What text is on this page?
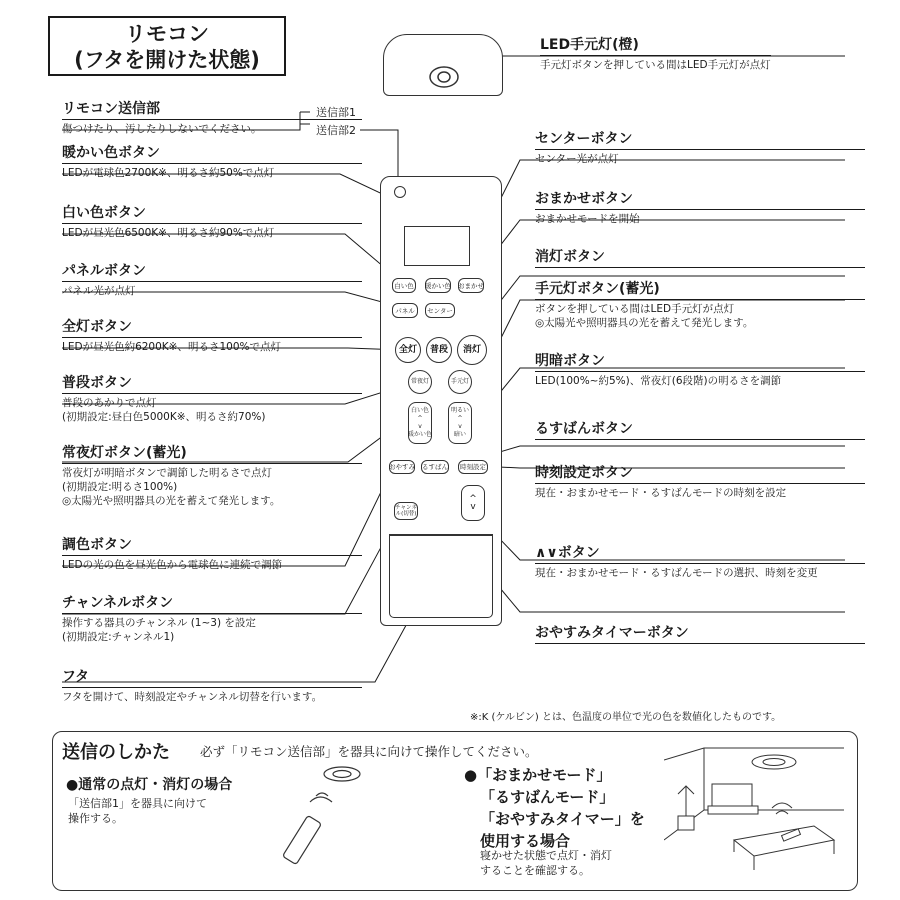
リモコン
(フタを開けた状態)
送信部1
送信部2
白い色	暖かい色 おまかせ
パネル	センター
全灯	普段	消灯
常夜灯	手元灯
白い色
^
v
暖かい色
明るい
^
v
暗い
おやすみ るすばん	時刻設定
^
v
チャンネル(切替)
リモコン送信部
傷つけたり、汚したりしないでください。
暖かい色ボタン
LEDが電球色2700K※、明るさ約50%で点灯
白い色ボタン
LEDが昼光色6500K※、明るさ約90%で点灯
パネルボタン
パネル光が点灯
全灯ボタン
LEDが昼光色約6200K※、明るさ100%で点灯
普段ボタン
普段のあかりで点灯
(初期設定:昼白色5000K※、明るさ約70%)
常夜灯ボタン(蓄光)
常夜灯が明暗ボタンで調節した明るさで点灯
(初期設定:明るさ100%)
◎太陽光や照明器具の光を蓄えて発光します。
調色ボタン
LEDの光の色を昼光色から電球色に連続で調節
チャンネルボタン
操作する器具のチャンネル (1~3) を設定
(初期設定:チャンネル1)
フタ
フタを開けて、時刻設定やチャンネル切替を行います。
LED手元灯(橙)
手元灯ボタンを押している間はLED手元灯が点灯
センターボタン
センター光が点灯
おまかせボタン
おまかせモードを開始
消灯ボタン
手元灯ボタン(蓄光)
ボタンを押している間はLED手元灯が点灯
◎太陽光や照明器具の光を蓄えて発光します。
明暗ボタン
LED(100%~約5%)、常夜灯(6段階)の明るさを調節
るすばんボタン
時刻設定ボタン
現在・おまかせモード・るすばんモードの時刻を設定
∧∨ボタン
現在・おまかせモード・るすばんモードの選択、時刻を変更
おやすみタイマーボタン
※:K (ケルビン) とは、色温度の単位で光の色を数値化したものです。
送信のしかた 必ず「リモコン送信部」を器具に向けて操作してください。
●通常の点灯・消灯の場合
「送信部1」を器具に向けて
操作する。
●「おまかせモード」
「るすばんモード」
「おやすみタイマー」を
使用する場合
寝かせた状態で点灯・消灯
することを確認する。
